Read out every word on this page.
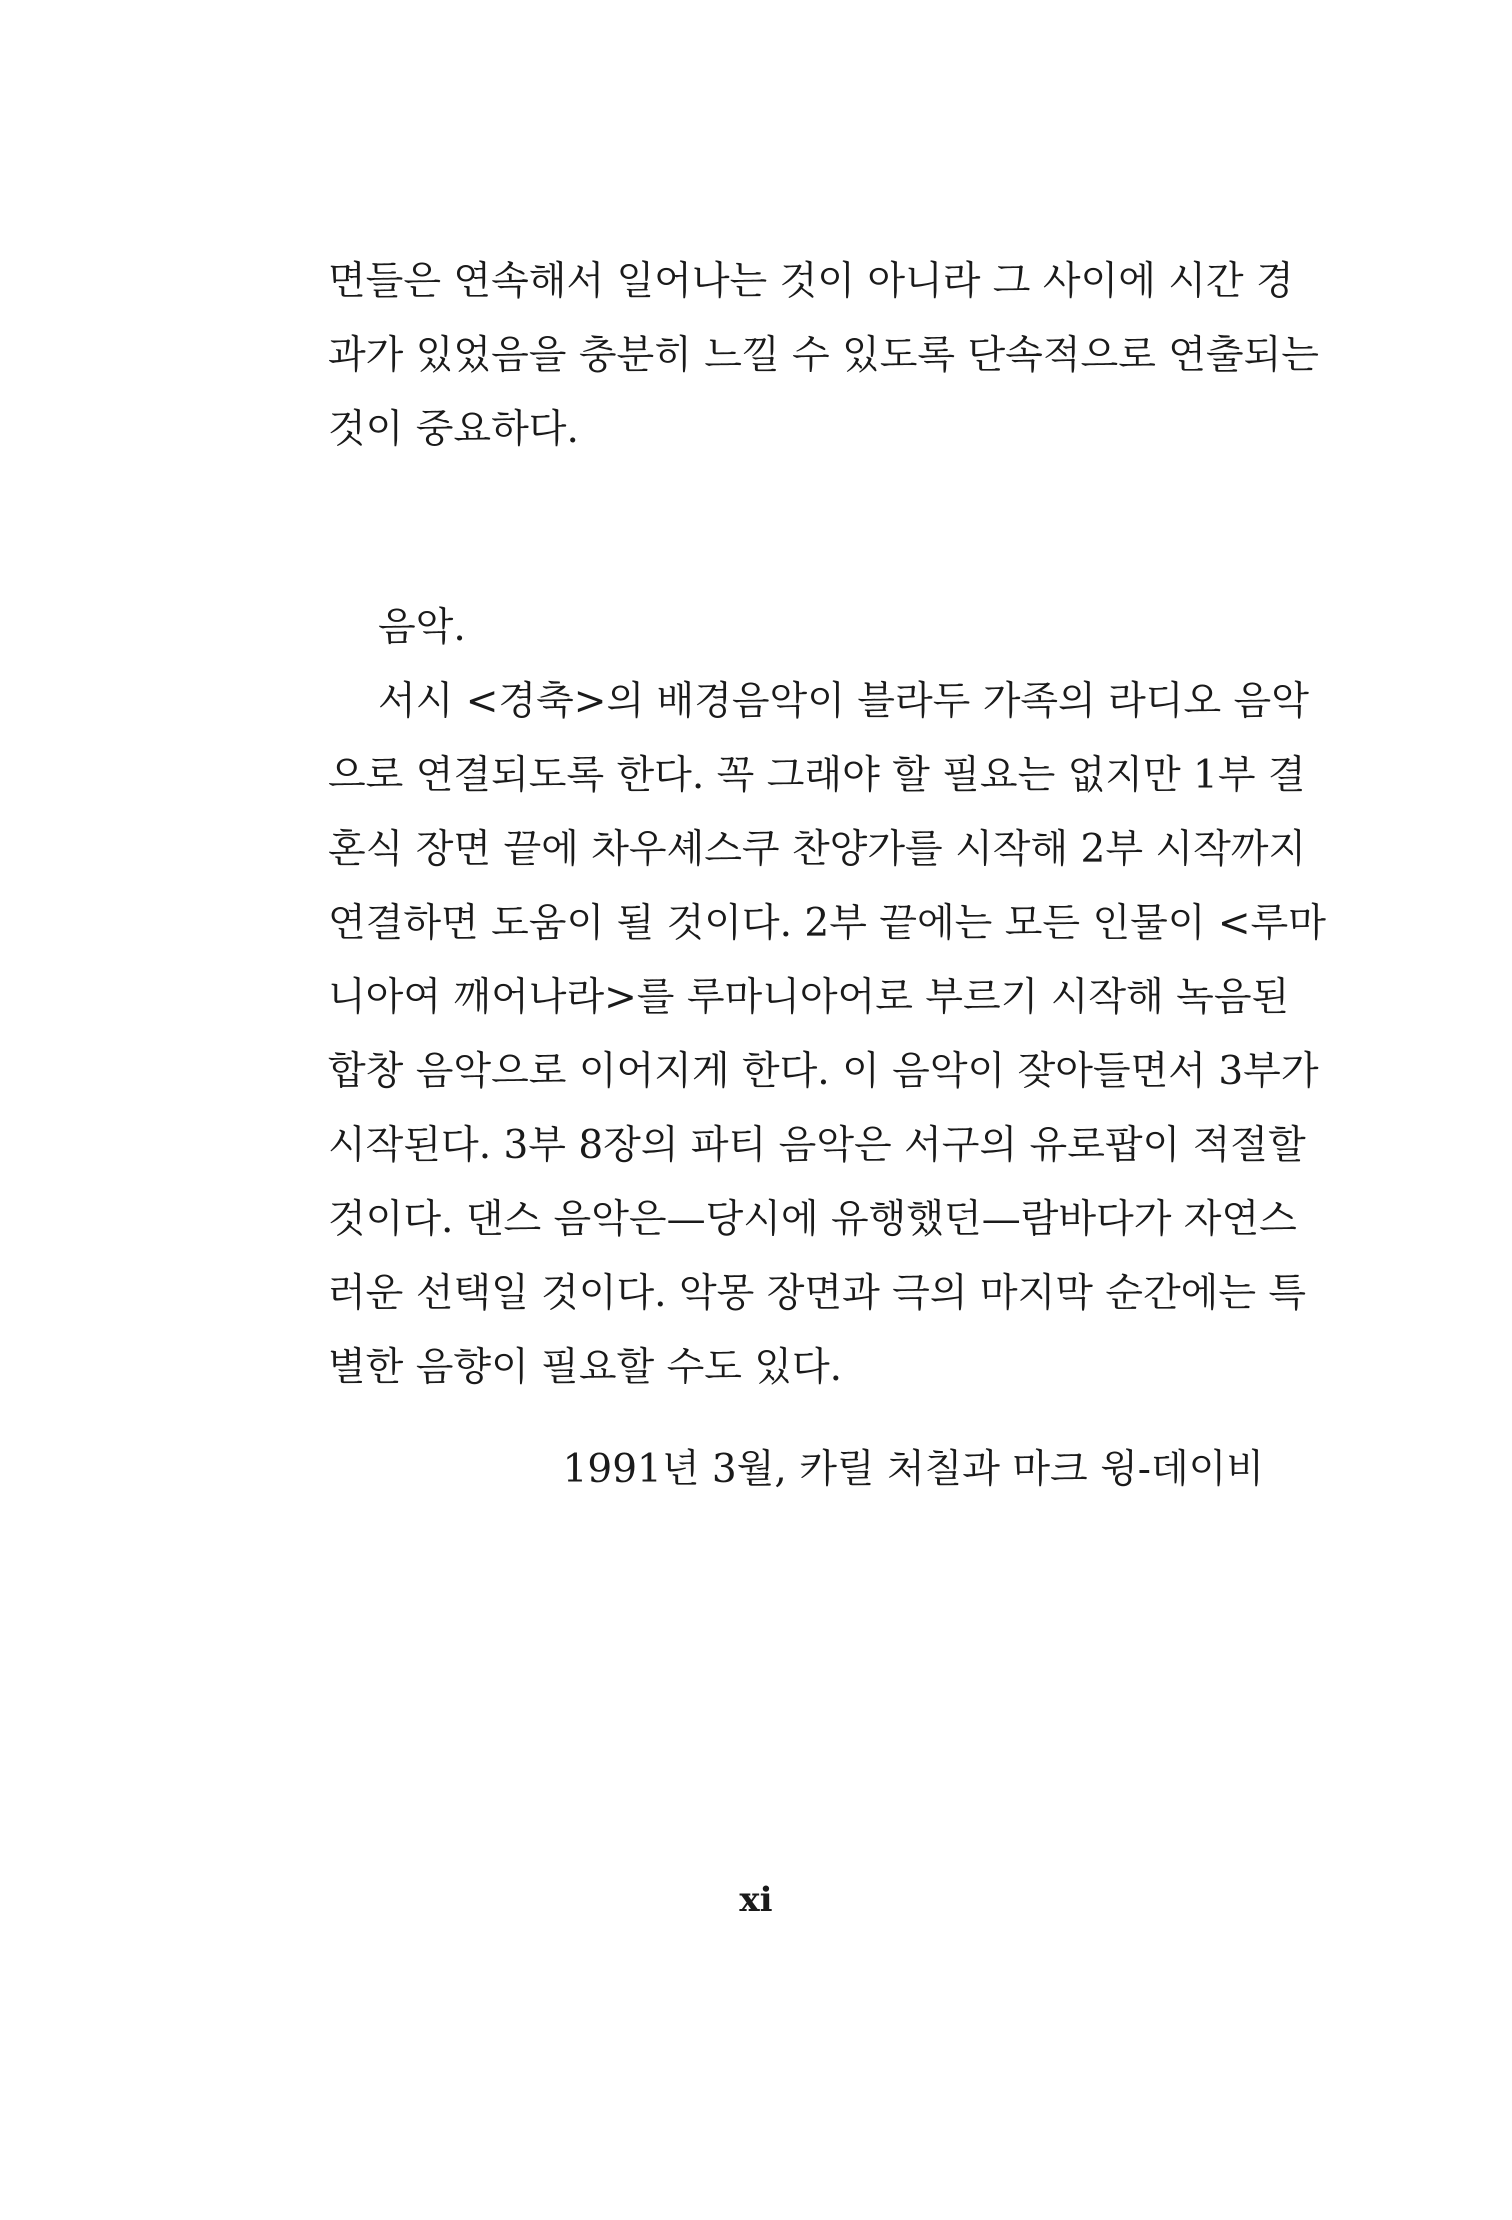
면들은 연속해서 일어나는 것이 아니라 그 사이에 시간 경
과가 있었음을 충분히 느낄 수 있도록 단속적으로 연출되는
것이 중요하다.
음악.
서시 <경축>의 배경음악이 블라두 가족의 라디오 음악
으로 연결되도록 한다. 꼭 그래야 할 필요는 없지만 1부 결
혼식 장면 끝에 차우셰스쿠 찬양가를 시작해 2부 시작까지
연결하면 도움이 될 것이다. 2부 끝에는 모든 인물이 <루마
니아여 깨어나라>를 루마니아어로 부르기 시작해 녹음된
합창 음악으로 이어지게 한다. 이 음악이 잦아들면서 3부가
시작된다. 3부 8장의 파티 음악은 서구의 유로팝이 적절할
것이다. 댄스 음악은—당시에 유행했던—람바다가 자연스
러운 선택일 것이다. 악몽 장면과 극의 마지막 순간에는 특
별한 음향이 필요할 수도 있다.
1991년 3월, 카릴 처칠과 마크 윙-데이비
xi
